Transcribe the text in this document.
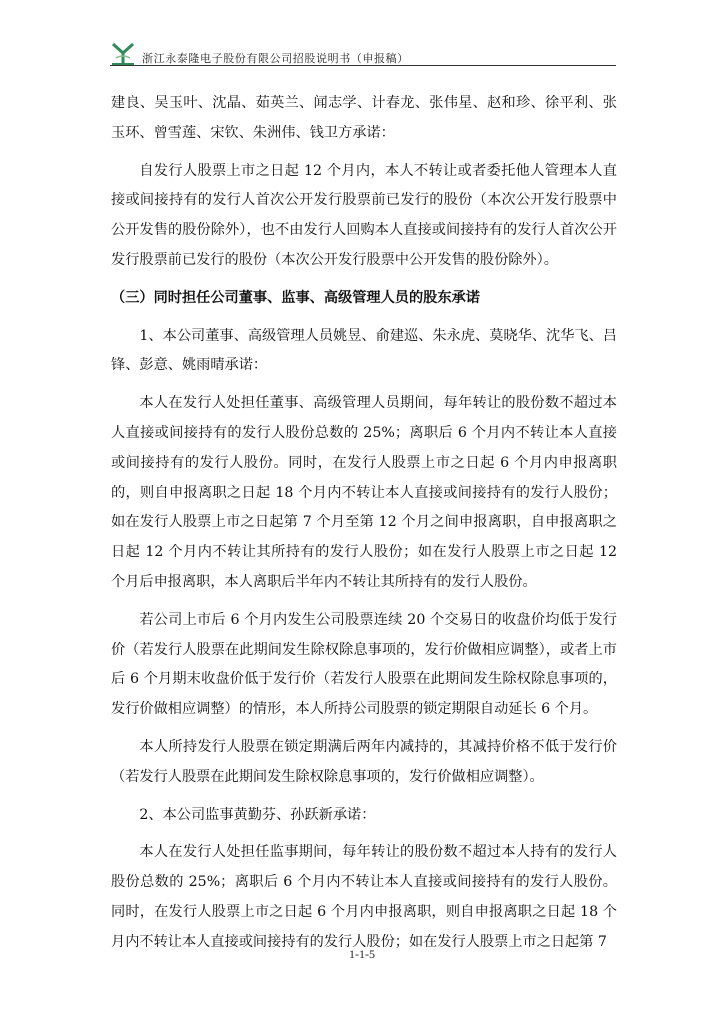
浙江永泰隆电子股份有限公司招股说明书（申报稿）

建良、吴玉叶、沈晶、茹英兰、闻志学、计春龙、张伟星、赵和珍、徐平利、张玉环、曾雪莲、宋钦、朱洲伟、钱卫方承诺：

自发行人股票上市之日起 12 个月内，本人不转让或者委托他人管理本人直接或间接持有的发行人首次公开发行股票前已发行的股份（本次公开发行股票中公开发售的股份除外），也不由发行人回购本人直接或间接持有的发行人首次公开发行股票前已发行的股份（本次公开发行股票中公开发售的股份除外）。

（三）同时担任公司董事、监事、高级管理人员的股东承诺

1、本公司董事、高级管理人员姚昱、俞建巡、朱永虎、莫晓华、沈华飞、吕锋、彭意、姚雨晴承诺：

本人在发行人处担任董事、高级管理人员期间，每年转让的股份数不超过本人直接或间接持有的发行人股份总数的 25%；离职后 6 个月内不转让本人直接或间接持有的发行人股份。同时，在发行人股票上市之日起 6 个月内申报离职的，则自申报离职之日起 18 个月内不转让本人直接或间接持有的发行人股份；如在发行人股票上市之日起第 7 个月至第 12 个月之间申报离职，自申报离职之日起 12 个月内不转让其所持有的发行人股份；如在发行人股票上市之日起 12 个月后申报离职，本人离职后半年内不转让其所持有的发行人股份。

若公司上市后 6 个月内发生公司股票连续 20 个交易日的收盘价均低于发行价（若发行人股票在此期间发生除权除息事项的，发行价做相应调整），或者上市后 6 个月期末收盘价低于发行价（若发行人股票在此期间发生除权除息事项的，发行价做相应调整）的情形，本人所持公司股票的锁定期限自动延长 6 个月。

本人所持发行人股票在锁定期满后两年内减持的，其减持价格不低于发行价（若发行人股票在此期间发生除权除息事项的，发行价做相应调整）。

2、本公司监事黄勤芬、孙跃新承诺：

本人在发行人处担任监事期间，每年转让的股份数不超过本人持有的发行人股份总数的 25%；离职后 6 个月内不转让本人直接或间接持有的发行人股份。同时，在发行人股票上市之日起 6 个月内申报离职，则自申报离职之日起 18 个月内不转让本人直接或间接持有的发行人股份；如在发行人股票上市之日起第 7

1-1-5
